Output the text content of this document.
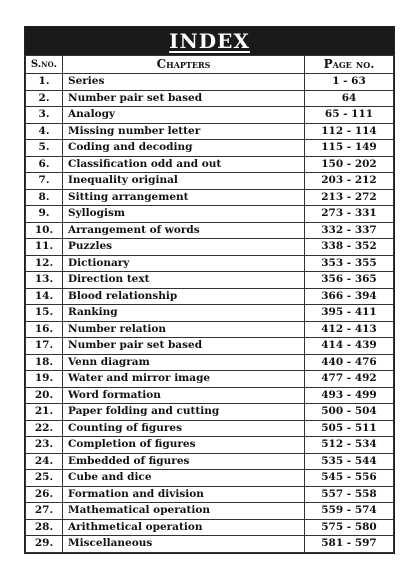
INDEX
S.no.	Chapters	Page no.
1.	Series	1 - 63
2.	Number pair set based	64
3.	Analogy	65 - 111
4.	Missing number letter	112 - 114
5.	Coding and decoding	115 - 149
6.	Classification odd and out	150 - 202
7.	Inequality original	203 - 212
8.	Sitting arrangement	213 - 272
9.	Syllogism	273 - 331
10.	Arrangement of words	332 - 337
11.	Puzzles	338 - 352
12.	Dictionary	353 - 355
13.	Direction text	356 - 365
14.	Blood relationship	366 - 394
15.	Ranking	395 - 411
16.	Number relation	412 - 413
17.	Number pair set based	414 - 439
18.	Venn diagram	440 - 476
19.	Water and mirror image	477 - 492
20.	Word formation	493 - 499
21.	Paper folding and cutting	500 - 504
22.	Counting of figures	505 - 511
23.	Completion of figures	512 - 534
24.	Embedded of figures	535 - 544
25.	Cube and dice	545 - 556
26.	Formation and division	557 - 558
27.	Mathematical operation	559 - 574
28.	Arithmetical operation	575 - 580
29.	Miscellaneous	581 - 597
